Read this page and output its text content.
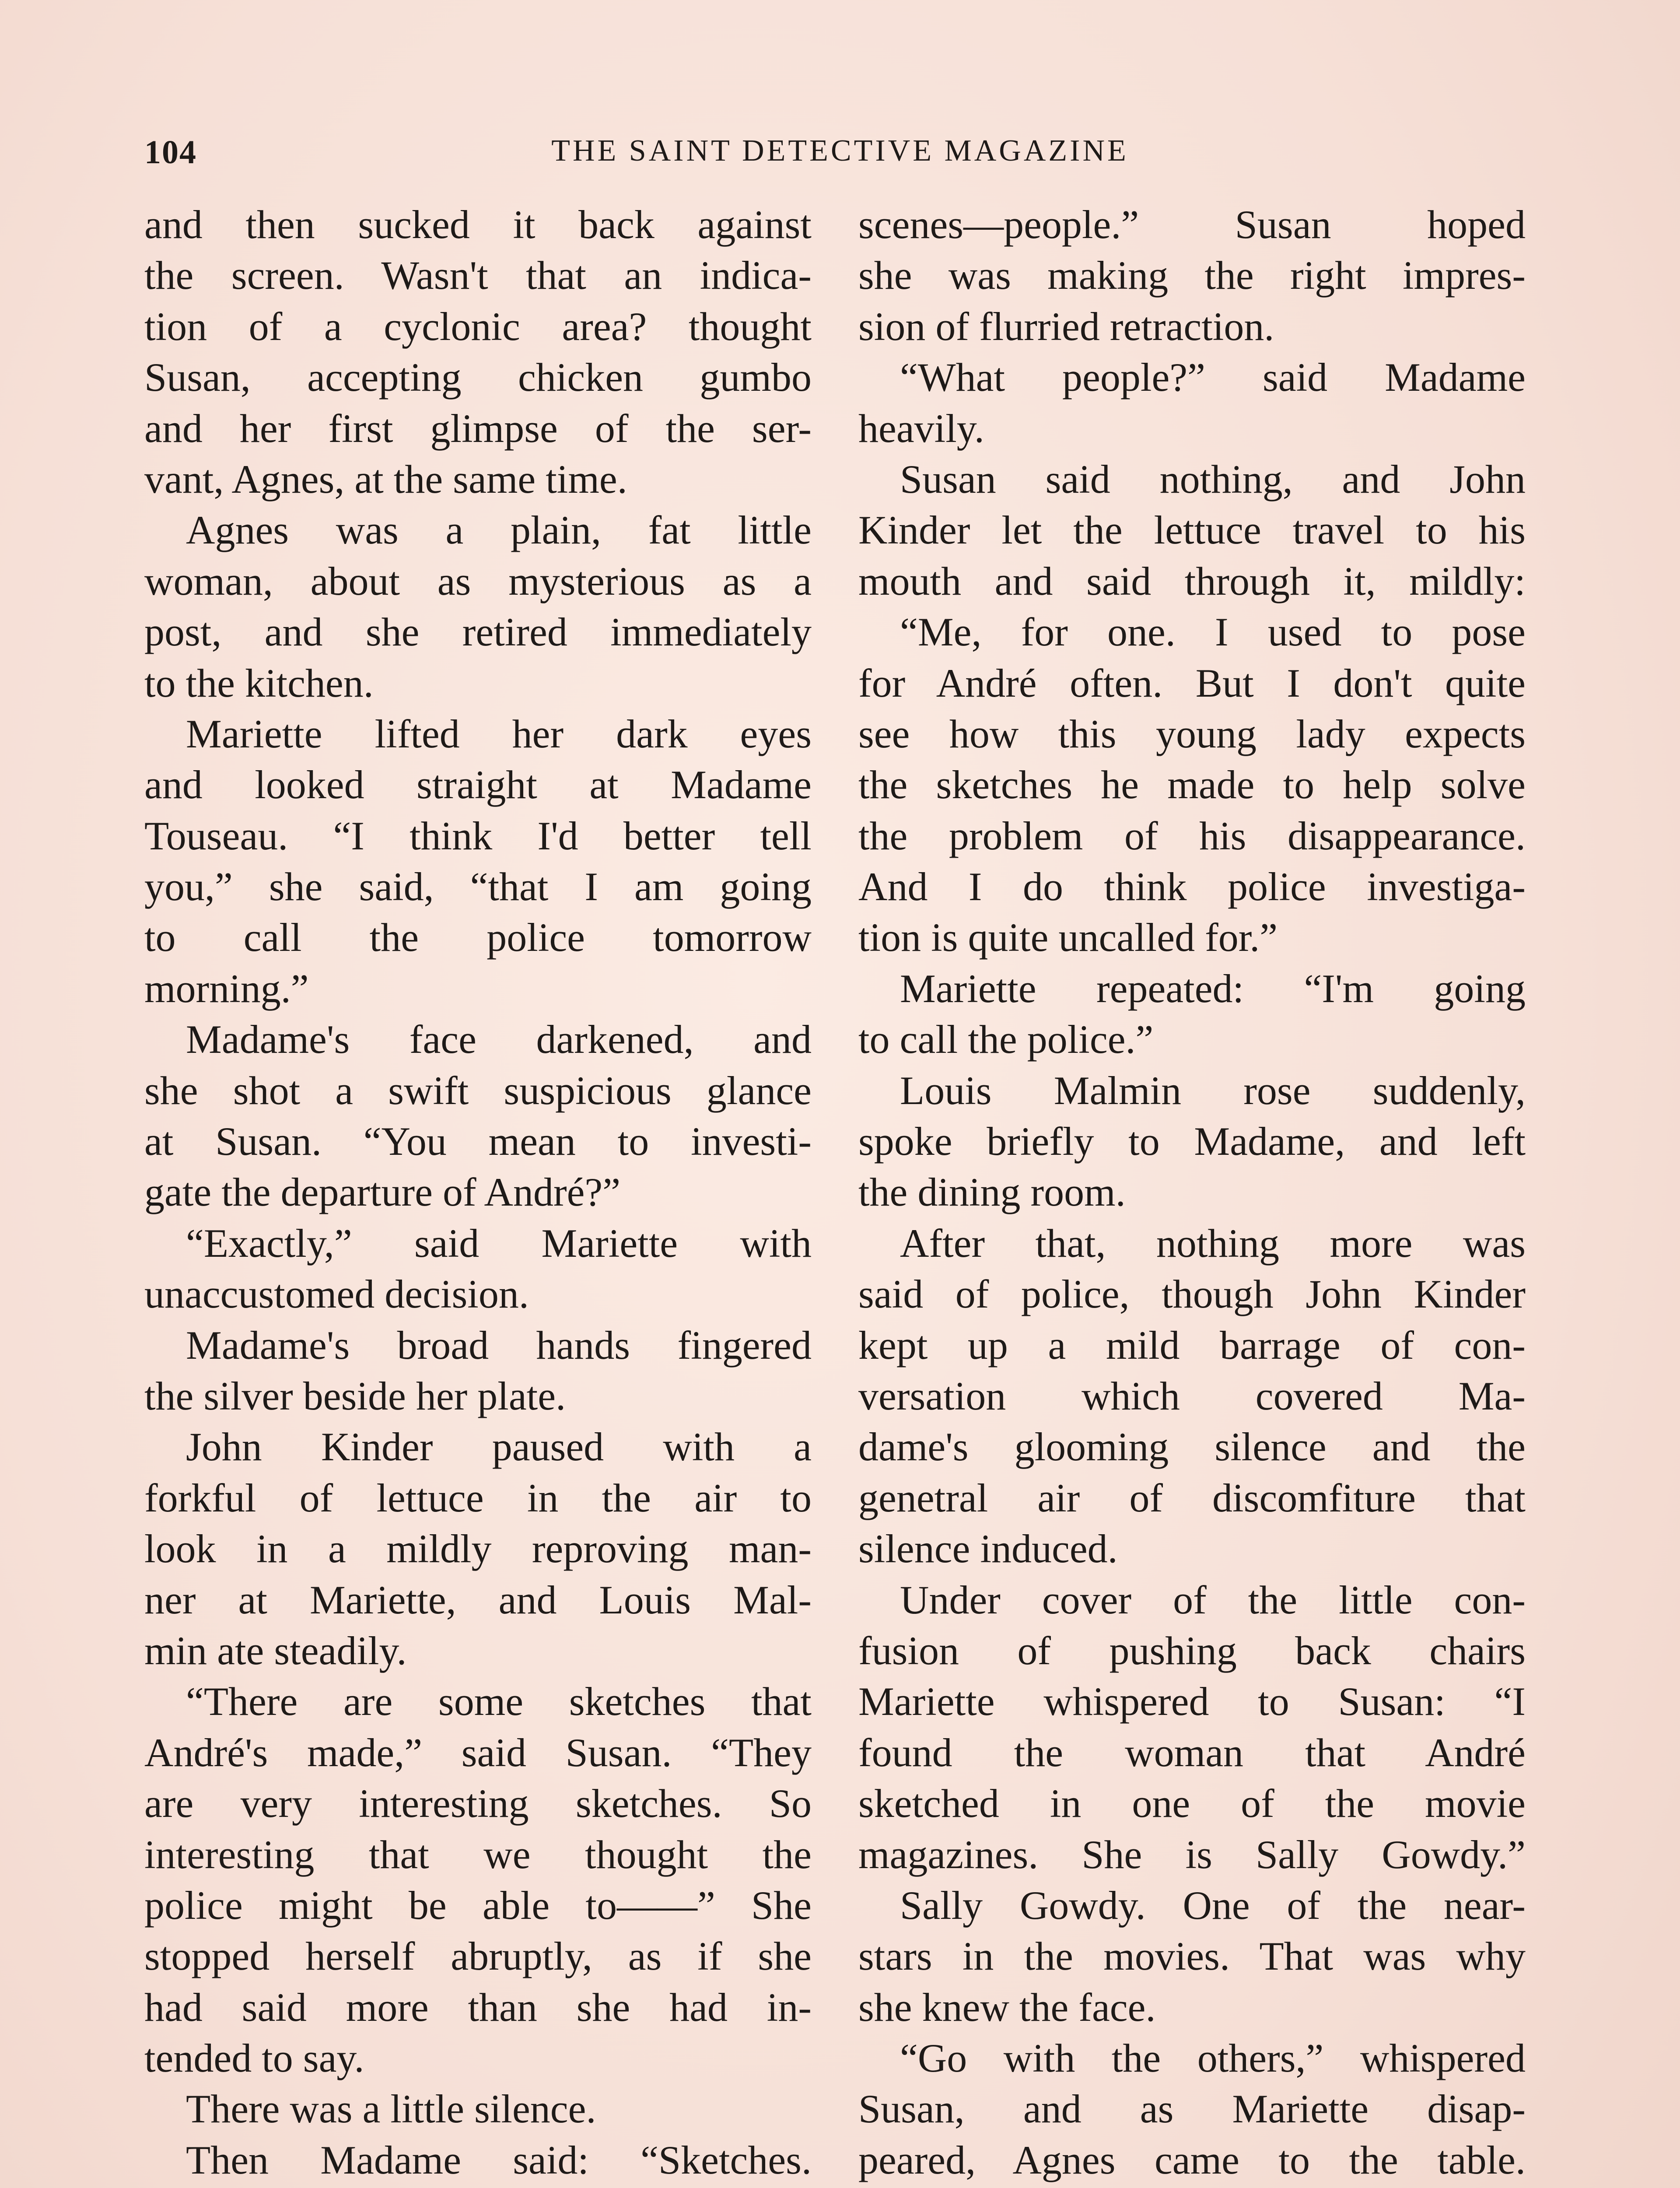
104	THE SAINT DETECTIVE MAGAZINE
and then sucked it back against
the screen. Wasn't that an indica-
tion of a cyclonic area? thought
Susan, accepting chicken gumbo
and her first glimpse of the ser-
vant, Agnes, at the same time.
Agnes was a plain, fat little
woman, about as mysterious as a
post, and she retired immediately
to the kitchen.
Mariette lifted her dark eyes
and looked straight at Madame
Touseau. “I think I'd better tell
you,” she said, “that I am going
to call the police tomorrow
morning.”
Madame's face darkened, and
she shot a swift suspicious glance
at Susan. “You mean to investi-
gate the departure of André?”
“Exactly,” said Mariette with
unaccustomed decision.
Madame's broad hands fingered
the silver beside her plate.
John Kinder paused with a
forkful of lettuce in the air to
look in a mildly reproving man-
ner at Mariette, and Louis Mal-
min ate steadily.
“There are some sketches that
André's made,” said Susan. “They
are very interesting sketches. So
interesting that we thought the
police might be able to——” She
stopped herself abruptly, as if she
had said more than she had in-
tended to say.
There was a little silence.
Then Madame said: “Sketches.
scenes—people.” Susan hoped
she was making the right impres-
sion of flurried retraction.
“What people?” said Madame
heavily.
Susan said nothing, and John
Kinder let the lettuce travel to his
mouth and said through it, mildly:
“Me, for one. I used to pose
for André often. But I don't quite
see how this young lady expects
the sketches he made to help solve
the problem of his disappearance.
And I do think police investiga-
tion is quite uncalled for.”
Mariette repeated: “I'm going
to call the police.”
Louis Malmin rose suddenly,
spoke briefly to Madame, and left
the dining room.
After that, nothing more was
said of police, though John Kinder
kept up a mild barrage of con-
versation which covered Ma-
dame's glooming silence and the
genetral air of discomfiture that
silence induced.
Under cover of the little con-
fusion of pushing back chairs
Mariette whispered to Susan: “I
found the woman that André
sketched in one of the movie
magazines. She is Sally Gowdy.”
Sally Gowdy. One of the near-
stars in the movies. That was why
she knew the face.
“Go with the others,” whispered
Susan, and as Mariette disap-
peared, Agnes came to the table.
